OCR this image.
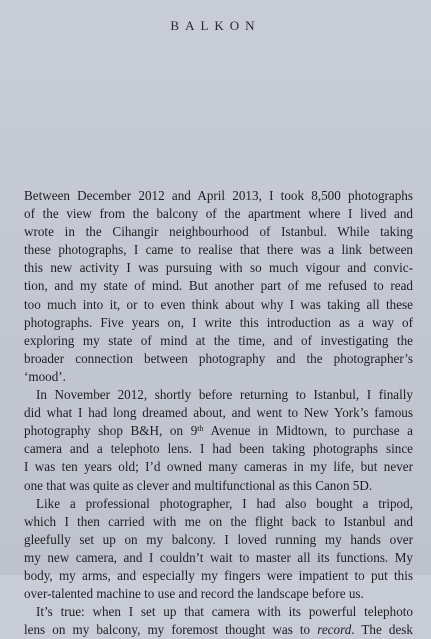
BALKON
Between December 2012 and April 2013, I took 8,500 photographs
of the view from the balcony of the apartment where I lived and
wrote in the Cihangir neighbourhood of Istanbul. While taking
these photographs, I came to realise that there was a link between
this new activity I was pursuing with so much vigour and convic-
tion, and my state of mind. But another part of me refused to read
too much into it, or to even think about why I was taking all these
photographs. Five years on, I write this introduction as a way of
exploring my state of mind at the time, and of investigating the
broader connection between photography and the photographer’s
‘mood’.
In November 2012, shortly before returning to Istanbul, I finally
did what I had long dreamed about, and went to New York’s famous
photography shop B&H, on 9th Avenue in Midtown, to purchase a
camera and a telephoto lens. I had been taking photographs since
I was ten years old; I’d owned many cameras in my life, but never
one that was quite as clever and multifunctional as this Canon 5D.
Like a professional photographer, I had also bought a tripod,
which I then carried with me on the flight back to Istanbul and
gleefully set up on my balcony. I loved running my hands over
my new camera, and I couldn’t wait to master all its functions. My
body, my arms, and especially my fingers were impatient to put this
over-talented machine to use and record the landscape before us.
It’s true: when I set up that camera with its powerful telephoto
lens on my balcony, my foremost thought was to record. The desk
